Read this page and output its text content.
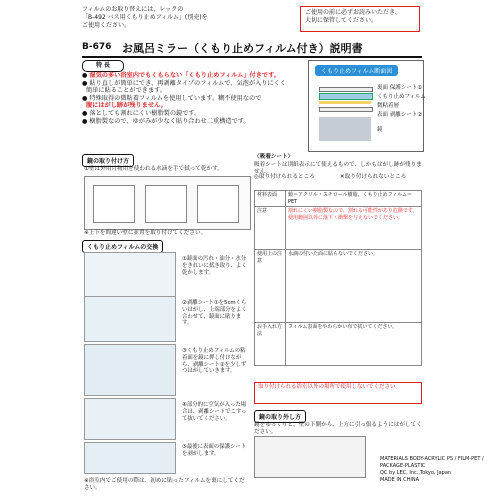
フィルムのお取り替えには、レックの
「B-492 バス用くもり止めフィルム」(別売)を
ご使用ください。
ご使用の前に必ずお読みいただき、
大切に保管してください。
B-676 お風呂ミラー（くもり止めフィルム付き）説明書
特 長
● 湿気の多い浴室内でもくもらない「くもり止めフィルム」付きです。
● 貼り直しが簡単にでき、再剥離タイプのフィルムで、気泡が入りにくく

簡単に貼ることができます。
● 特殊取得の微粘着フィルムを使用しています。糊不使用なので

腹にはがし跡が残りません。
● 落としても割れにくい樹脂製の鏡です。
● 樹脂製なので、ゆがみが少なく貼り合わせ二重構造です。
くもり止めフィルム断面図
裏面 保護シート①
くもり止めフィルム
微粘着層
表面 剥離シート②
鏡
鏡の取り付け方
①壁は外用月物用を使われる水滴を手で拭って乾かす。
※上下を間違い壁に並置を取り付けてください。
〈吸着シート〉
吸着シートは別紙表示にて使えるもので、しかもはがし跡が残りません。
◎取り付けられるところ	✕取り付けられないところ
材料表面	鏡＝アクリル・スチロール樹脂、くもり止めフィルム＝PET
注意	割れにくい樹脂製なので、割れる可能性があり危険です。使用範囲以外に落下・衝撃を与えないでください。
使用上の注意	水滴の付いた面に貼らないでください。
お手入れ方法	フィルム表面をやわらかい布で拭いてください。
くもり止めフィルムの交換
①鏡面の汚れ・油分・水分をきれいに拭き取り、よく乾かします。
②剥離シート①を5cmくらいはがし、上端部分をよく合わせて、鏡面に貼ります。
③くもり止めフィルムの粘着面を鏡に押し付けながら、剥離シート②を少しずつはがしていきます。
④部分的に空気が入った場合は、剥離シートでこすって抜いてください。
⑤最後に表面の保護シートを剥がします。
※浴室内でご使用の際は、初めに貼ったフィルムを裏にしてください。
取り付けられる浴室以外の場所で使用しないでください。
鏡の取り外し方
鏡をゆっくりと、壁の下側から、上方に引っ張るようにはがしてください。
MATERIALS BODY-ACRYLIC PS / FILM-PET / PACKAGE-PLASTIC
QC by LEC, Inc.,Tokyo, Japan
MADE IN CHINA
